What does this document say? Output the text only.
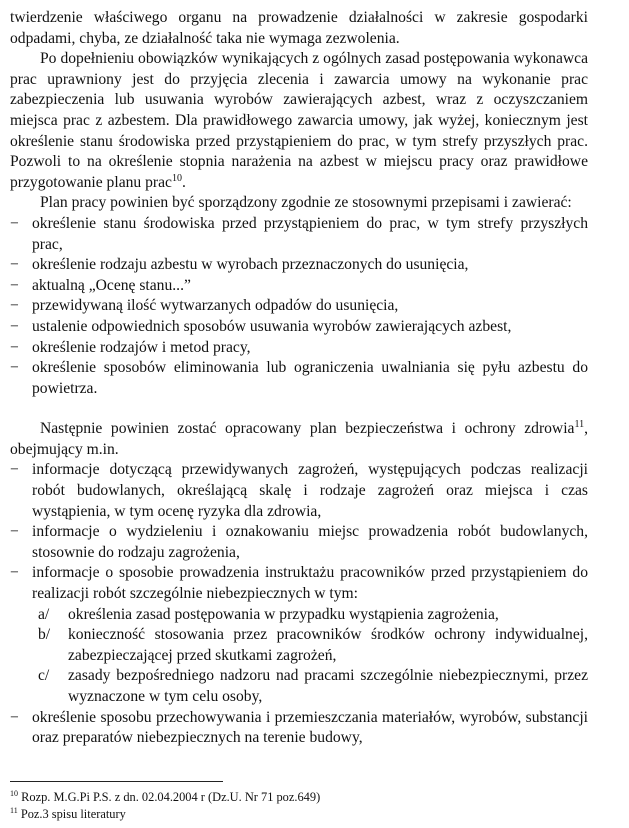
twierdzenie właściwego organu na prowadzenie działalności w zakresie gospodarki odpadami, chyba, ze działalność taka nie wymaga zezwolenia.

Po dopełnieniu obowiązków wynikających z ogólnych zasad postępowania wykonawca prac uprawniony jest do przyjęcia zlecenia i zawarcia umowy na wykonanie prac zabezpieczenia lub usuwania wyrobów zawierających azbest, wraz z oczyszczaniem miejsca prac z azbestem. Dla prawidłowego zawarcia umowy, jak wyżej, koniecznym jest określenie stanu środowiska przed przystąpieniem do prac, w tym strefy przyszłych prac. Pozwoli to na określenie stopnia narażenia na azbest w miejscu pracy oraz prawidłowe przygotowanie planu prac$^{10}$.

Plan pracy powinien być sporządzony zgodnie ze stosownymi przepisami i zawierać:

− określenie stanu środowiska przed przystąpieniem do prac, w tym strefy przyszłych prac,
− określenie rodzaju azbestu w wyrobach przeznaczonych do usunięcia,
− aktualną „Ocenę stanu...”
− przewidywaną ilość wytwarzanych odpadów do usunięcia,
− ustalenie odpowiednich sposobów usuwania wyrobów zawierających azbest,
− określenie rodzajów i metod pracy,
− określenie sposobów eliminowania lub ograniczenia uwalniania się pyłu azbestu do powietrza.

Następnie powinien zostać opracowany plan bezpieczeństwa i ochrony zdrowia$^{11}$, obejmujący m.in.

− informacje dotyczącą przewidywanych zagrożeń, występujących podczas realizacji robót budowlanych, określającą skalę i rodzaje zagrożeń oraz miejsca i czas wystąpienia, w tym ocenę ryzyka dla zdrowia,
− informacje o wydzieleniu i oznakowaniu miejsc prowadzenia robót budowlanych, stosownie do rodzaju zagrożenia,
− informacje o sposobie prowadzenia instruktażu pracowników przed przystąpieniem do realizacji robót szczególnie niebezpiecznych w tym:
a/ określenia zasad postępowania w przypadku wystąpienia zagrożenia,
b/ konieczność stosowania przez pracowników środków ochrony indywidualnej, zabezpieczającej przed skutkami zagrożeń,
c/ zasady bezpośredniego nadzoru nad pracami szczególnie niebezpiecznymi, przez wyznaczone w tym celu osoby,
− określenie sposobu przechowywania i przemieszczania materiałów, wyrobów, substancji oraz preparatów niebezpiecznych na terenie budowy,
$^{10}$ Rozp. M.G.Pi P.S. z dn. 02.04.2004 r (Dz.U. Nr 71 poz.649)
$^{11}$ Poz.3 spisu literatury
